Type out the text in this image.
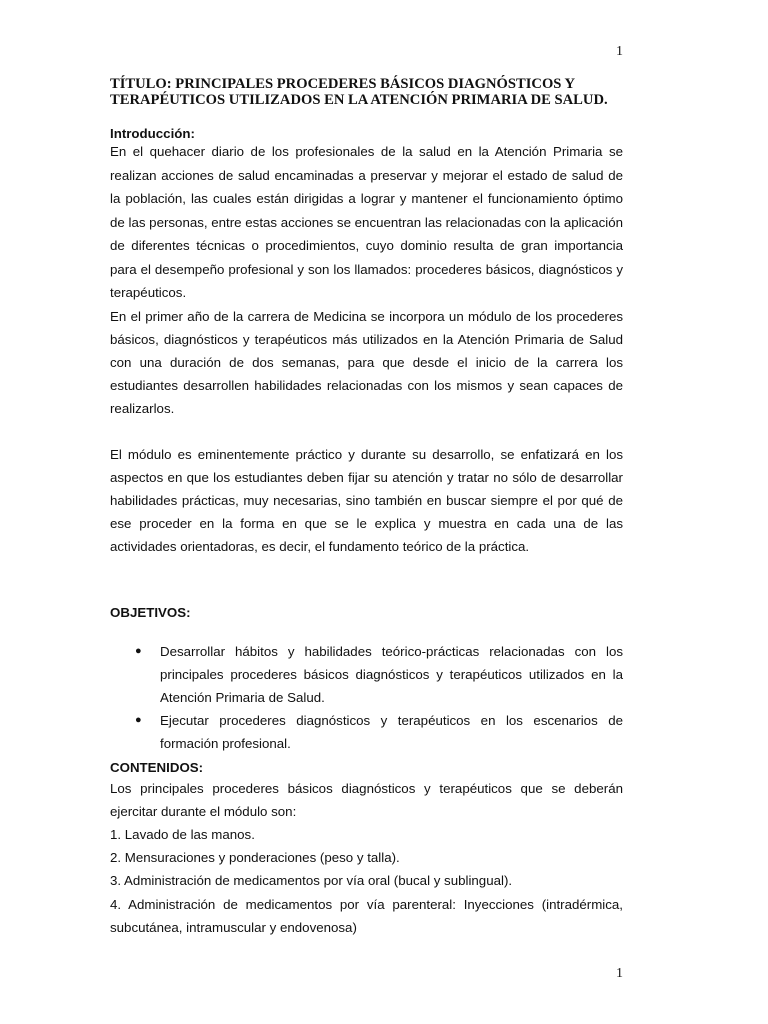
1
TÍTULO: PRINCIPALES PROCEDERES BÁSICOS DIAGNÓSTICOS Y TERAPÉUTICOS UTILIZADOS EN LA ATENCIÓN PRIMARIA DE SALUD.

Introducción:

En el quehacer diario de los profesionales de la salud en la Atención Primaria se realizan acciones de salud encaminadas a preservar y mejorar el estado de salud de la población, las cuales están dirigidas a lograr y mantener el funcionamiento óptimo de las personas, entre estas acciones se encuentran las relacionadas con la aplicación de diferentes técnicas o procedimientos, cuyo dominio resulta de gran importancia para el desempeño profesional y son los llamados: procederes básicos, diagnósticos y terapéuticos.

En el primer año de la carrera de Medicina se incorpora un módulo de los procederes básicos, diagnósticos y terapéuticos más utilizados en la Atención Primaria de Salud con una duración de dos semanas, para que desde el inicio de la carrera los estudiantes desarrollen habilidades relacionadas con los mismos y sean capaces de realizarlos.

El módulo es eminentemente práctico y durante su desarrollo, se enfatizará en los aspectos en que los estudiantes deben fijar su atención y tratar no sólo de desarrollar habilidades prácticas, muy necesarias, sino también en buscar siempre el por qué de ese proceder en la forma en que se le explica y muestra en cada una de las actividades orientadoras, es decir, el fundamento teórico de la práctica.

OBJETIVOS:

● Desarrollar hábitos y habilidades teórico-prácticas relacionadas con los principales procederes básicos diagnósticos y terapéuticos utilizados en la Atención Primaria de Salud.
● Ejecutar procederes diagnósticos y terapéuticos en los escenarios de formación profesional.

CONTENIDOS:

Los principales procederes básicos diagnósticos y terapéuticos que se deberán ejercitar durante el módulo son:

1. Lavado de las manos.

2. Mensuraciones y ponderaciones (peso y talla).

3. Administración de medicamentos por vía oral (bucal y sublingual).

4. Administración de medicamentos por vía parenteral: Inyecciones (intradérmica, subcutánea, intramuscular y endovenosa)

1
